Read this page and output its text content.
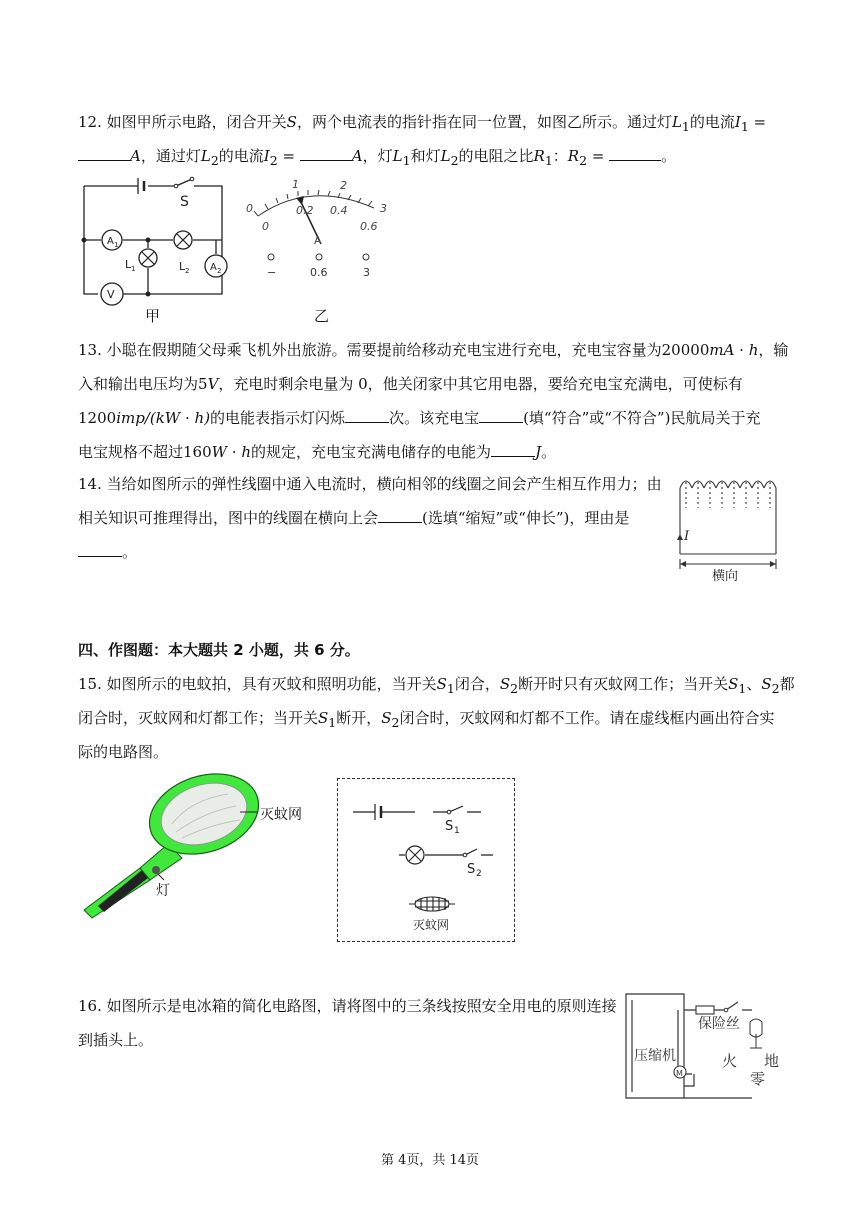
12. 如图甲所示电路，闭合开关S，两个电流表的指针指在同一位置，如图乙所示。通过灯$L_1$的电流$I_1$ =
A，通过灯$L_2$的电流$I_2$ =	A，灯$L_1$和灯$L_2$的电阻之比$R_1$：$R_2$ =	。
S
A 1
A 2
L 1	L 2
V
甲
0
1	2
3
0
0.2 0.4
0.6
A
−	0.6	3
乙
13. 小聪在假期随父母乘飞机外出旅游。需要提前给移动充电宝进行充电，充电宝容量为20000mA · h，输
入和输出电压均为5V，充电时剩余电量为 0，他关闭家中其它用电器，要给充电宝充满电，可使标有
1200imp/(kW · h)的电能表指示灯闪烁	次。该充电宝	(填“符合”或“不符合”)民航局关于充
电宝规格不超过160W · h的规定，充电宝充满电储存的电能为	J。
14. 当给如图所示的弹性线圈中通入电流时，横向相邻的线圈之间会产生相互作用力；由
相关知识可推理得出，图中的线圈在横向上会	(选填“缩短”或“伸长”)，理由是
。
I
横向
四、作图题：本大题共 2 小题，共 6 分。
15. 如图所示的电蚊拍，具有灭蚊和照明功能，当开关$S_1$闭合，$S_2$断开时只有灭蚊网工作；当开关$S_1$、$S_2$都
闭合时，灭蚊网和灯都工作；当开关$S_1$断开，$S_2$闭合时，灭蚊网和灯都不工作。请在虚线框内画出符合实
际的电路图。
灭蚊网
灯
S 1
S 2
灭蚊网
16. 如图所示是电冰箱的简化电路图，请将图中的三条线按照安全用电的原则连接
到插头上。
保险丝
压缩机
M
火 地
零
第 4页，共 14页
